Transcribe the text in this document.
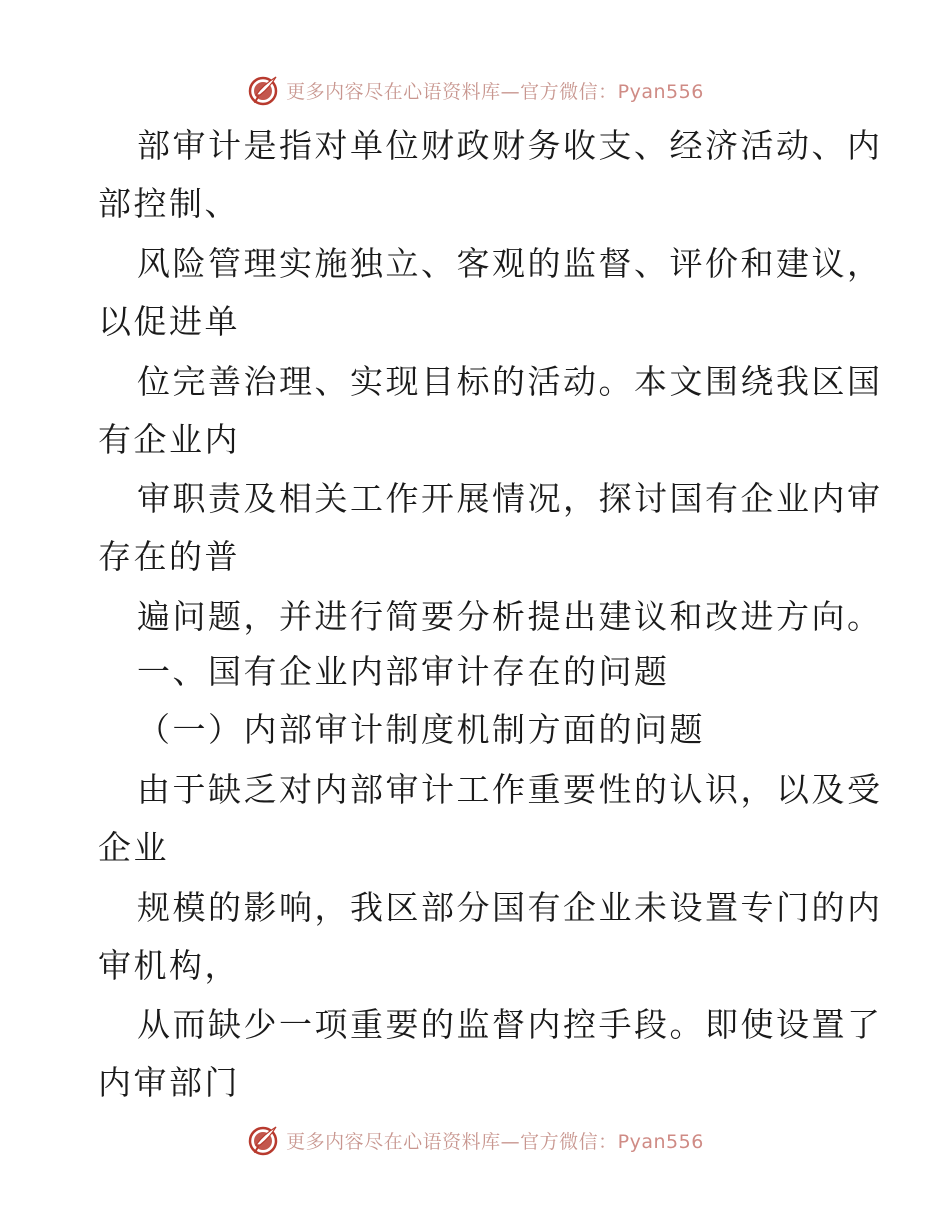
更多内容尽在心语资料库—官方微信：Pyan556
部审计是指对单位财政财务收支、经济活动、内
部控制、
风险管理实施独立、客观的监督、评价和建议，
以促进单
位完善治理、实现目标的活动。本文围绕我区国
有企业内
审职责及相关工作开展情况，探讨国有企业内审
存在的普
遍问题，并进行简要分析提出建议和改进方向。
一、国有企业内部审计存在的问题
（一）内部审计制度机制方面的问题
由于缺乏对内部审计工作重要性的认识，以及受
企业
规模的影响，我区部分国有企业未设置专门的内
审机构，
从而缺少一项重要的监督内控手段。即使设置了
内审部门
更多内容尽在心语资料库—官方微信：Pyan556
